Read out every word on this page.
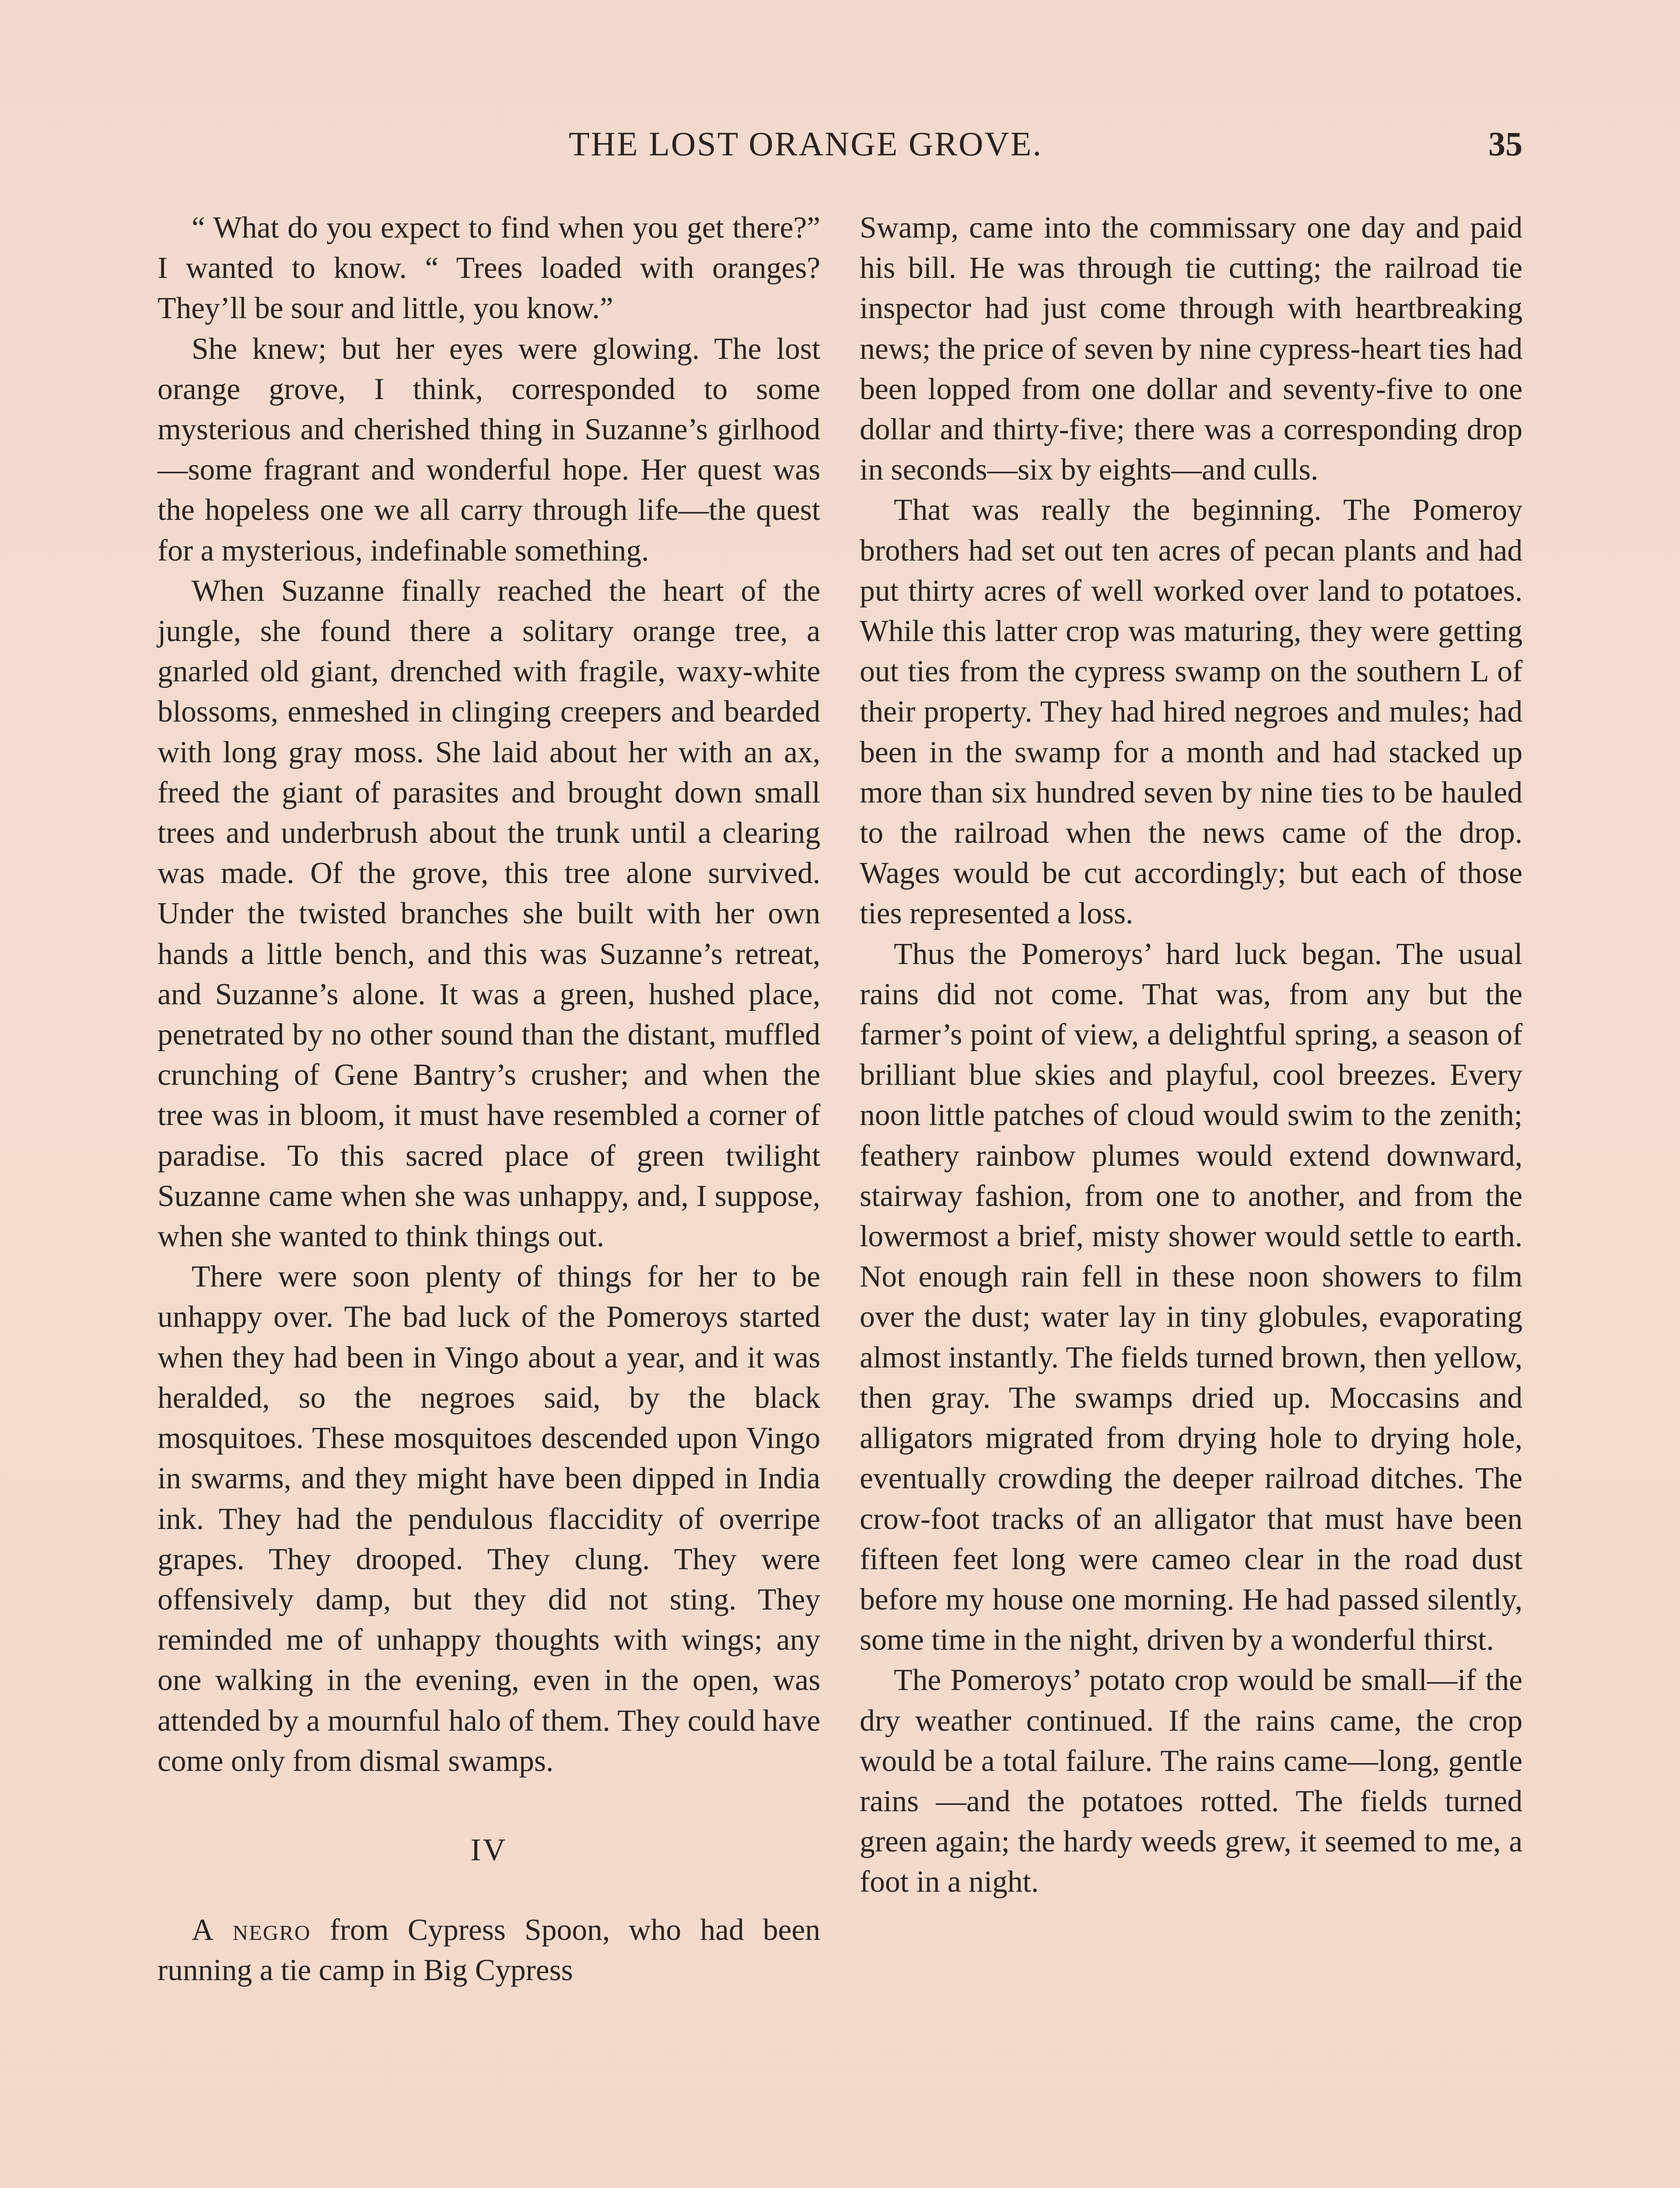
THE LOST ORANGE GROVE.	35

“ What do you expect to find when you get there?” I wanted to know. “ Trees loaded with oranges? They’ll be sour and little, you know.”

She knew; but her eyes were glowing. The lost orange grove, I think, corresponded to some mysterious and cherished thing in Suzanne’s girlhood—some fragrant and wonderful hope. Her quest was the hopeless one we all carry through life—the quest for a mysterious, indefinable something.

When Suzanne finally reached the heart of the jungle, she found there a solitary orange tree, a gnarled old giant, drenched with fragile, waxy-white blossoms, enmeshed in clinging creepers and bearded with long gray moss. She laid about her with an ax, freed the giant of parasites and brought down small trees and underbrush about the trunk until a clearing was made. Of the grove, this tree alone survived. Under the twisted branches she built with her own hands a little bench, and this was Suzanne’s retreat, and Suzanne’s alone. It was a green, hushed place, penetrated by no other sound than the distant, muffled crunching of Gene Bantry’s crusher; and when the tree was in bloom, it must have resembled a corner of paradise. To this sacred place of green twilight Suzanne came when she was unhappy, and, I suppose, when she wanted to think things out.

There were soon plenty of things for her to be unhappy over. The bad luck of the Pomeroys started when they had been in Vingo about a year, and it was heralded, so the negroes said, by the black mosquitoes. These mosquitoes descended upon Vingo in swarms, and they might have been dipped in India ink. They had the pendulous flaccidity of overripe grapes. They drooped. They clung. They were offensively damp, but they did not sting. They reminded me of unhappy thoughts with wings; any one walking in the evening, even in the open, was attended by a mournful halo of them. They could have come only from dismal swamps.

IV

A negro from Cypress Spoon, who had been running a tie camp in Big Cypress

Swamp, came into the commissary one day and paid his bill. He was through tie cutting; the railroad tie inspector had just come through with heartbreaking news; the price of seven by nine cypress-heart ties had been lopped from one dollar and seventy-five to one dollar and thirty-five; there was a corresponding drop in seconds—six by eights—and culls.

That was really the beginning. The Pomeroy brothers had set out ten acres of pecan plants and had put thirty acres of well worked over land to potatoes. While this latter crop was maturing, they were getting out ties from the cypress swamp on the southern L of their property. They had hired negroes and mules; had been in the swamp for a month and had stacked up more than six hundred seven by nine ties to be hauled to the railroad when the news came of the drop. Wages would be cut accordingly; but each of those ties represented a loss.

Thus the Pomeroys’ hard luck began. The usual rains did not come. That was, from any but the farmer’s point of view, a delightful spring, a season of brilliant blue skies and playful, cool breezes. Every noon little patches of cloud would swim to the zenith; feathery rainbow plumes would extend downward, stairway fashion, from one to another, and from the lowermost a brief, misty shower would settle to earth. Not enough rain fell in these noon showers to film over the dust; water lay in tiny globules, evaporating almost instantly. The fields turned brown, then yellow, then gray. The swamps dried up. Moccasins and alligators migrated from drying hole to drying hole, eventually crowding the deeper railroad ditches. The crow-foot tracks of an alligator that must have been fifteen feet long were cameo clear in the road dust before my house one morning. He had passed silently, some time in the night, driven by a wonderful thirst.

The Pomeroys’ potato crop would be small—if the dry weather continued. If the rains came, the crop would be a total failure. The rains came—long, gentle rains —and the potatoes rotted. The fields turned green again; the hardy weeds grew, it seemed to me, a foot in a night.
